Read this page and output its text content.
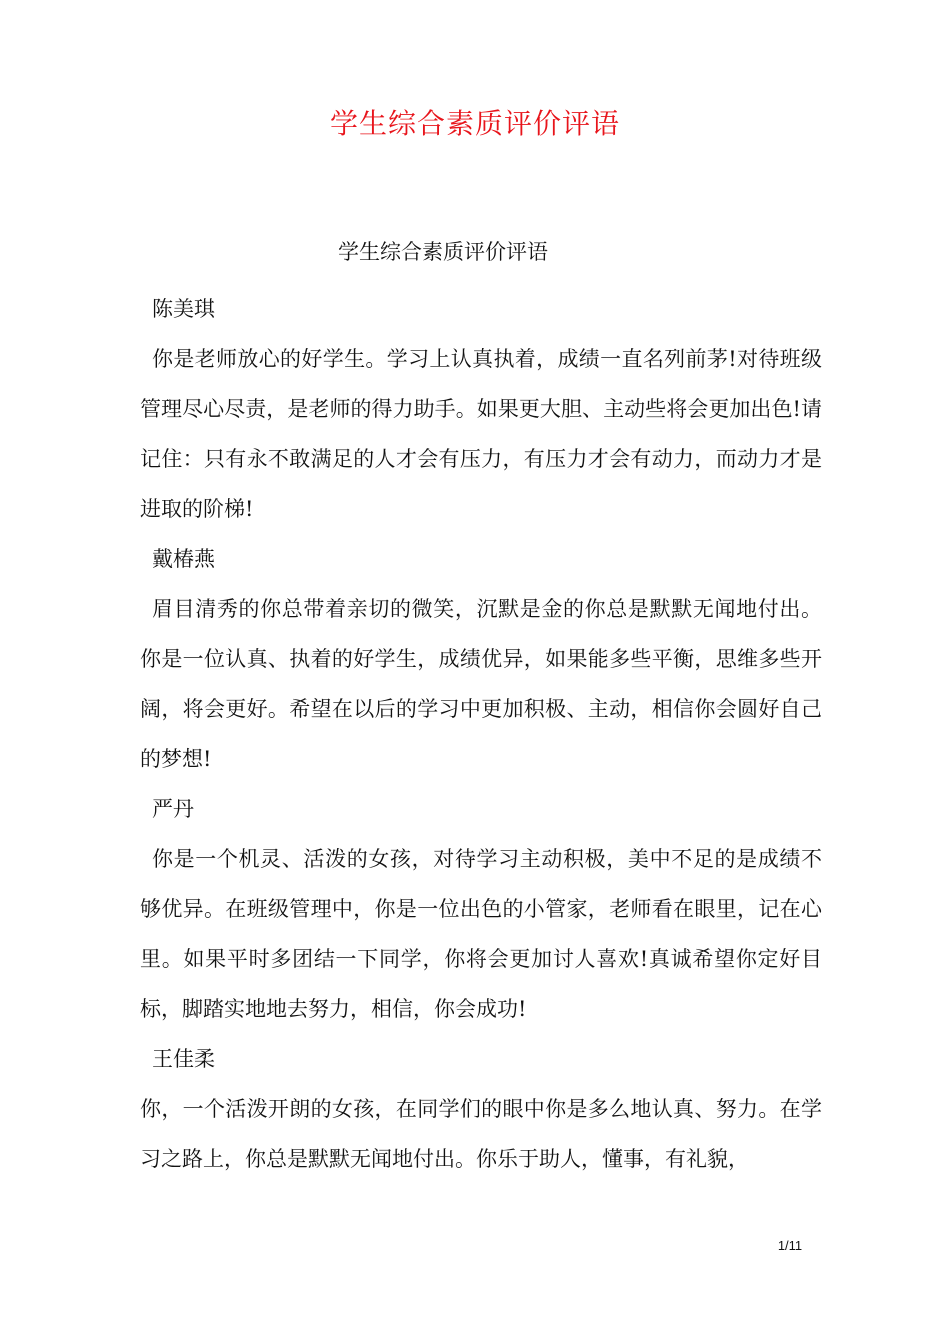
学生综合素质评价评语
学生综合素质评价评语

陈美琪

你是老师放心的好学生。学习上认真执着，成绩一直名列前茅!对待班级管理尽心尽责，是老师的得力助手。如果更大胆、主动些将会更加出色!请记住：只有永不敢满足的人才会有压力，有压力才会有动力，而动力才是进取的阶梯!

戴椿燕

眉目清秀的你总带着亲切的微笑，沉默是金的你总是默默无闻地付出。你是一位认真、执着的好学生，成绩优异，如果能多些平衡，思维多些开阔，将会更好。希望在以后的学习中更加积极、主动，相信你会圆好自己的梦想!

严丹

你是一个机灵、活泼的女孩，对待学习主动积极，美中不足的是成绩不够优异。在班级管理中，你是一位出色的小管家，老师看在眼里，记在心里。如果平时多团结一下同学，你将会更加讨人喜欢!真诚希望你定好目标，脚踏实地地去努力，相信，你会成功!

王佳柔

你，一个活泼开朗的女孩，在同学们的眼中你是多么地认真、努力。在学习之路上，你总是默默无闻地付出。你乐于助人，懂事，有礼貌，

1/11
